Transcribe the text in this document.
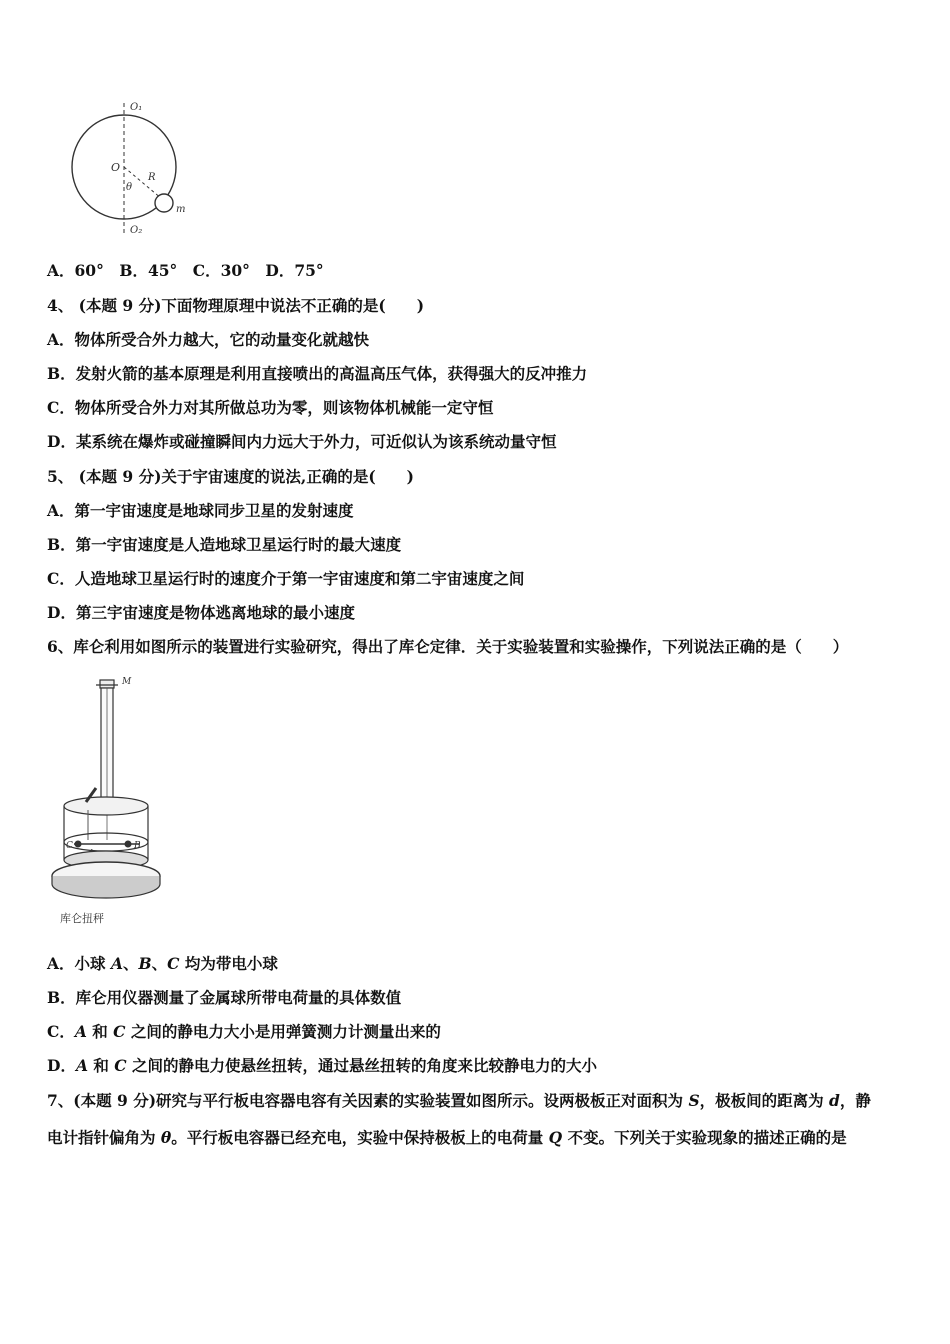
O₁
O
R
θ
m
O₂
A．60°　B．45°　C．30°　D．75°
4、 (本题 9 分)下面物理原理中说法不正确的是(　　)
A．物体所受合外力越大，它的动量变化就越快
B．发射火箭的基本原理是利用直接喷出的高温高压气体，获得强大的反冲推力
C．物体所受合外力对其所做总功为零，则该物体机械能一定守恒
D．某系统在爆炸或碰撞瞬间内力远大于外力，可近似认为该系统动量守恒
5、 (本题 9 分)关于宇宙速度的说法,正确的是(　　)
A．第一宇宙速度是地球同步卫星的发射速度
B．第一宇宙速度是人造地球卫星运行时的最大速度
C．人造地球卫星运行时的速度介于第一宇宙速度和第二宇宙速度之间
D．第三宇宙速度是物体逃离地球的最小速度
6、库仑利用如图所示的装置进行实验研究，得出了库仑定律．关于实验装置和实验操作，下列说法正确的是（　　）
M
C	B
库仑扭秤
A．小球 A、B、C 均为带电小球
B．库仑用仪器测量了金属球所带电荷量的具体数值
C．A 和 C 之间的静电力大小是用弹簧测力计测量出来的
D．A 和 C 之间的静电力使悬丝扭转，通过悬丝扭转的角度来比较静电力的大小
7、(本题 9 分)研究与平行板电容器电容有关因素的实验装置如图所示。设两极板正对面积为 S，极板间的距离为 d，静
电计指针偏角为 θ。平行板电容器已经充电，实验中保持极板上的电荷量 Q 不变。下列关于实验现象的描述正确的是
